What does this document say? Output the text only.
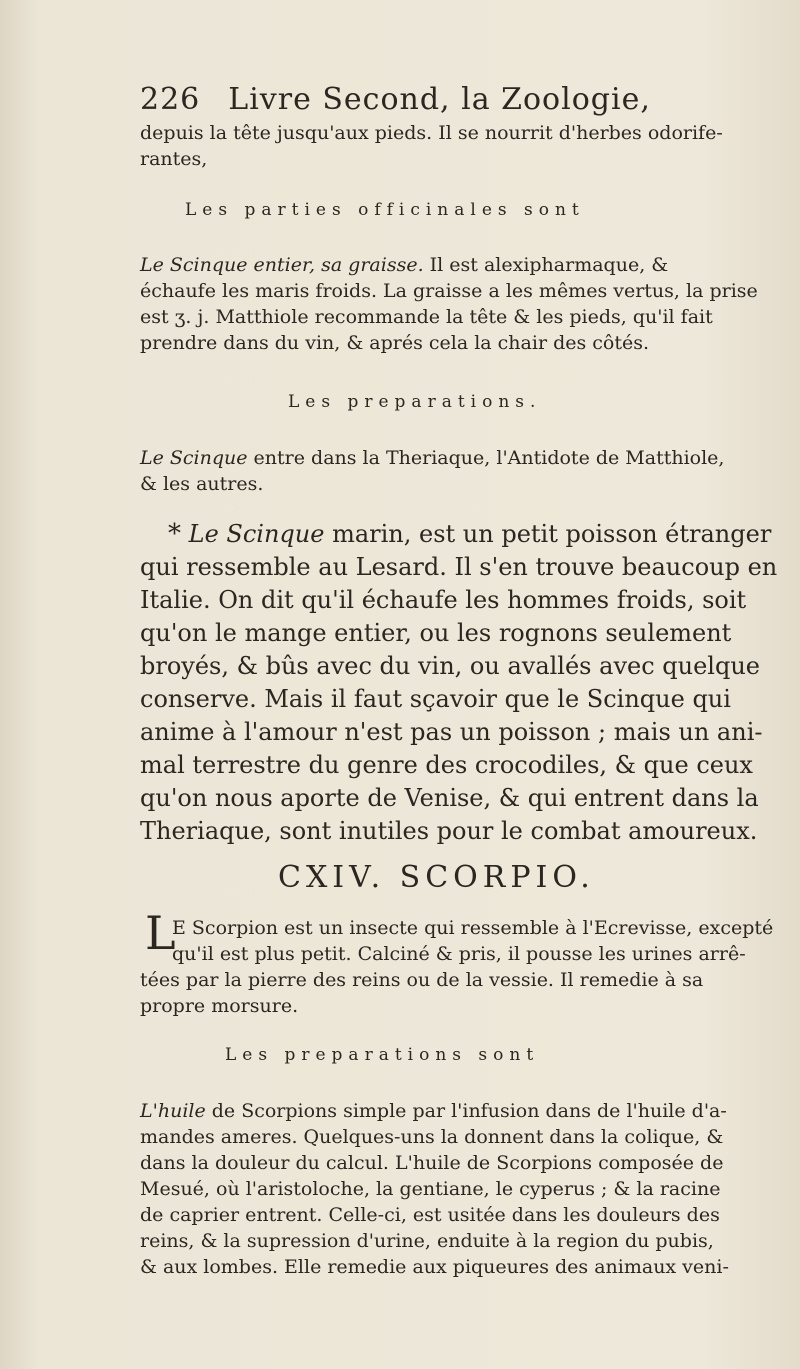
226 Livre Second, la Zoologie,
depuis la tête jusqu'aux pieds. Il se nourrit d'herbes odorife-
rantes,
Les parties officinales sont
Le Scinque entier, sa graisse. Il est alexipharmaque, &
échaufe les maris froids. La graisse a les mêmes vertus, la prise
est ʒ. j. Matthiole recommande la tête & les pieds, qu'il fait
prendre dans du vin, & aprés cela la chair des côtés.
Les preparations.
Le Scinque entre dans la Theriaque, l'Antidote de Matthiole,
& les autres.
* Le Scinque marin, est un petit poisson étranger
qui ressemble au Lesard. Il s'en trouve beaucoup en
Italie. On dit qu'il échaufe les hommes froids, soit
qu'on le mange entier, ou les rognons seulement
broyés, & bûs avec du vin, ou avallés avec quelque
conserve. Mais il faut sçavoir que le Scinque qui
anime à l'amour n'est pas un poisson ; mais un ani-
mal terrestre du genre des crocodiles, & que ceux
qu'on nous aporte de Venise, & qui entrent dans la
Theriaque, sont inutiles pour le combat amoureux.
CXIV. SCORPIO.
L
E Scorpion est un insecte qui ressemble à l'Ecrevisse, excepté
qu'il est plus petit. Calciné & pris, il pousse les urines arrê-
tées par la pierre des reins ou de la vessie. Il remedie à sa
propre morsure.
Les preparations sont
L'huile de Scorpions simple par l'infusion dans de l'huile d'a-
mandes ameres. Quelques-uns la donnent dans la colique, &
dans la douleur du calcul. L'huile de Scorpions composée de
Mesué, où l'aristoloche, la gentiane, le cyperus ; & la racine
de caprier entrent. Celle-ci, est usitée dans les douleurs des
reins, & la supression d'urine, enduite à la region du pubis,
& aux lombes. Elle remedie aux piqueures des animaux veni-
